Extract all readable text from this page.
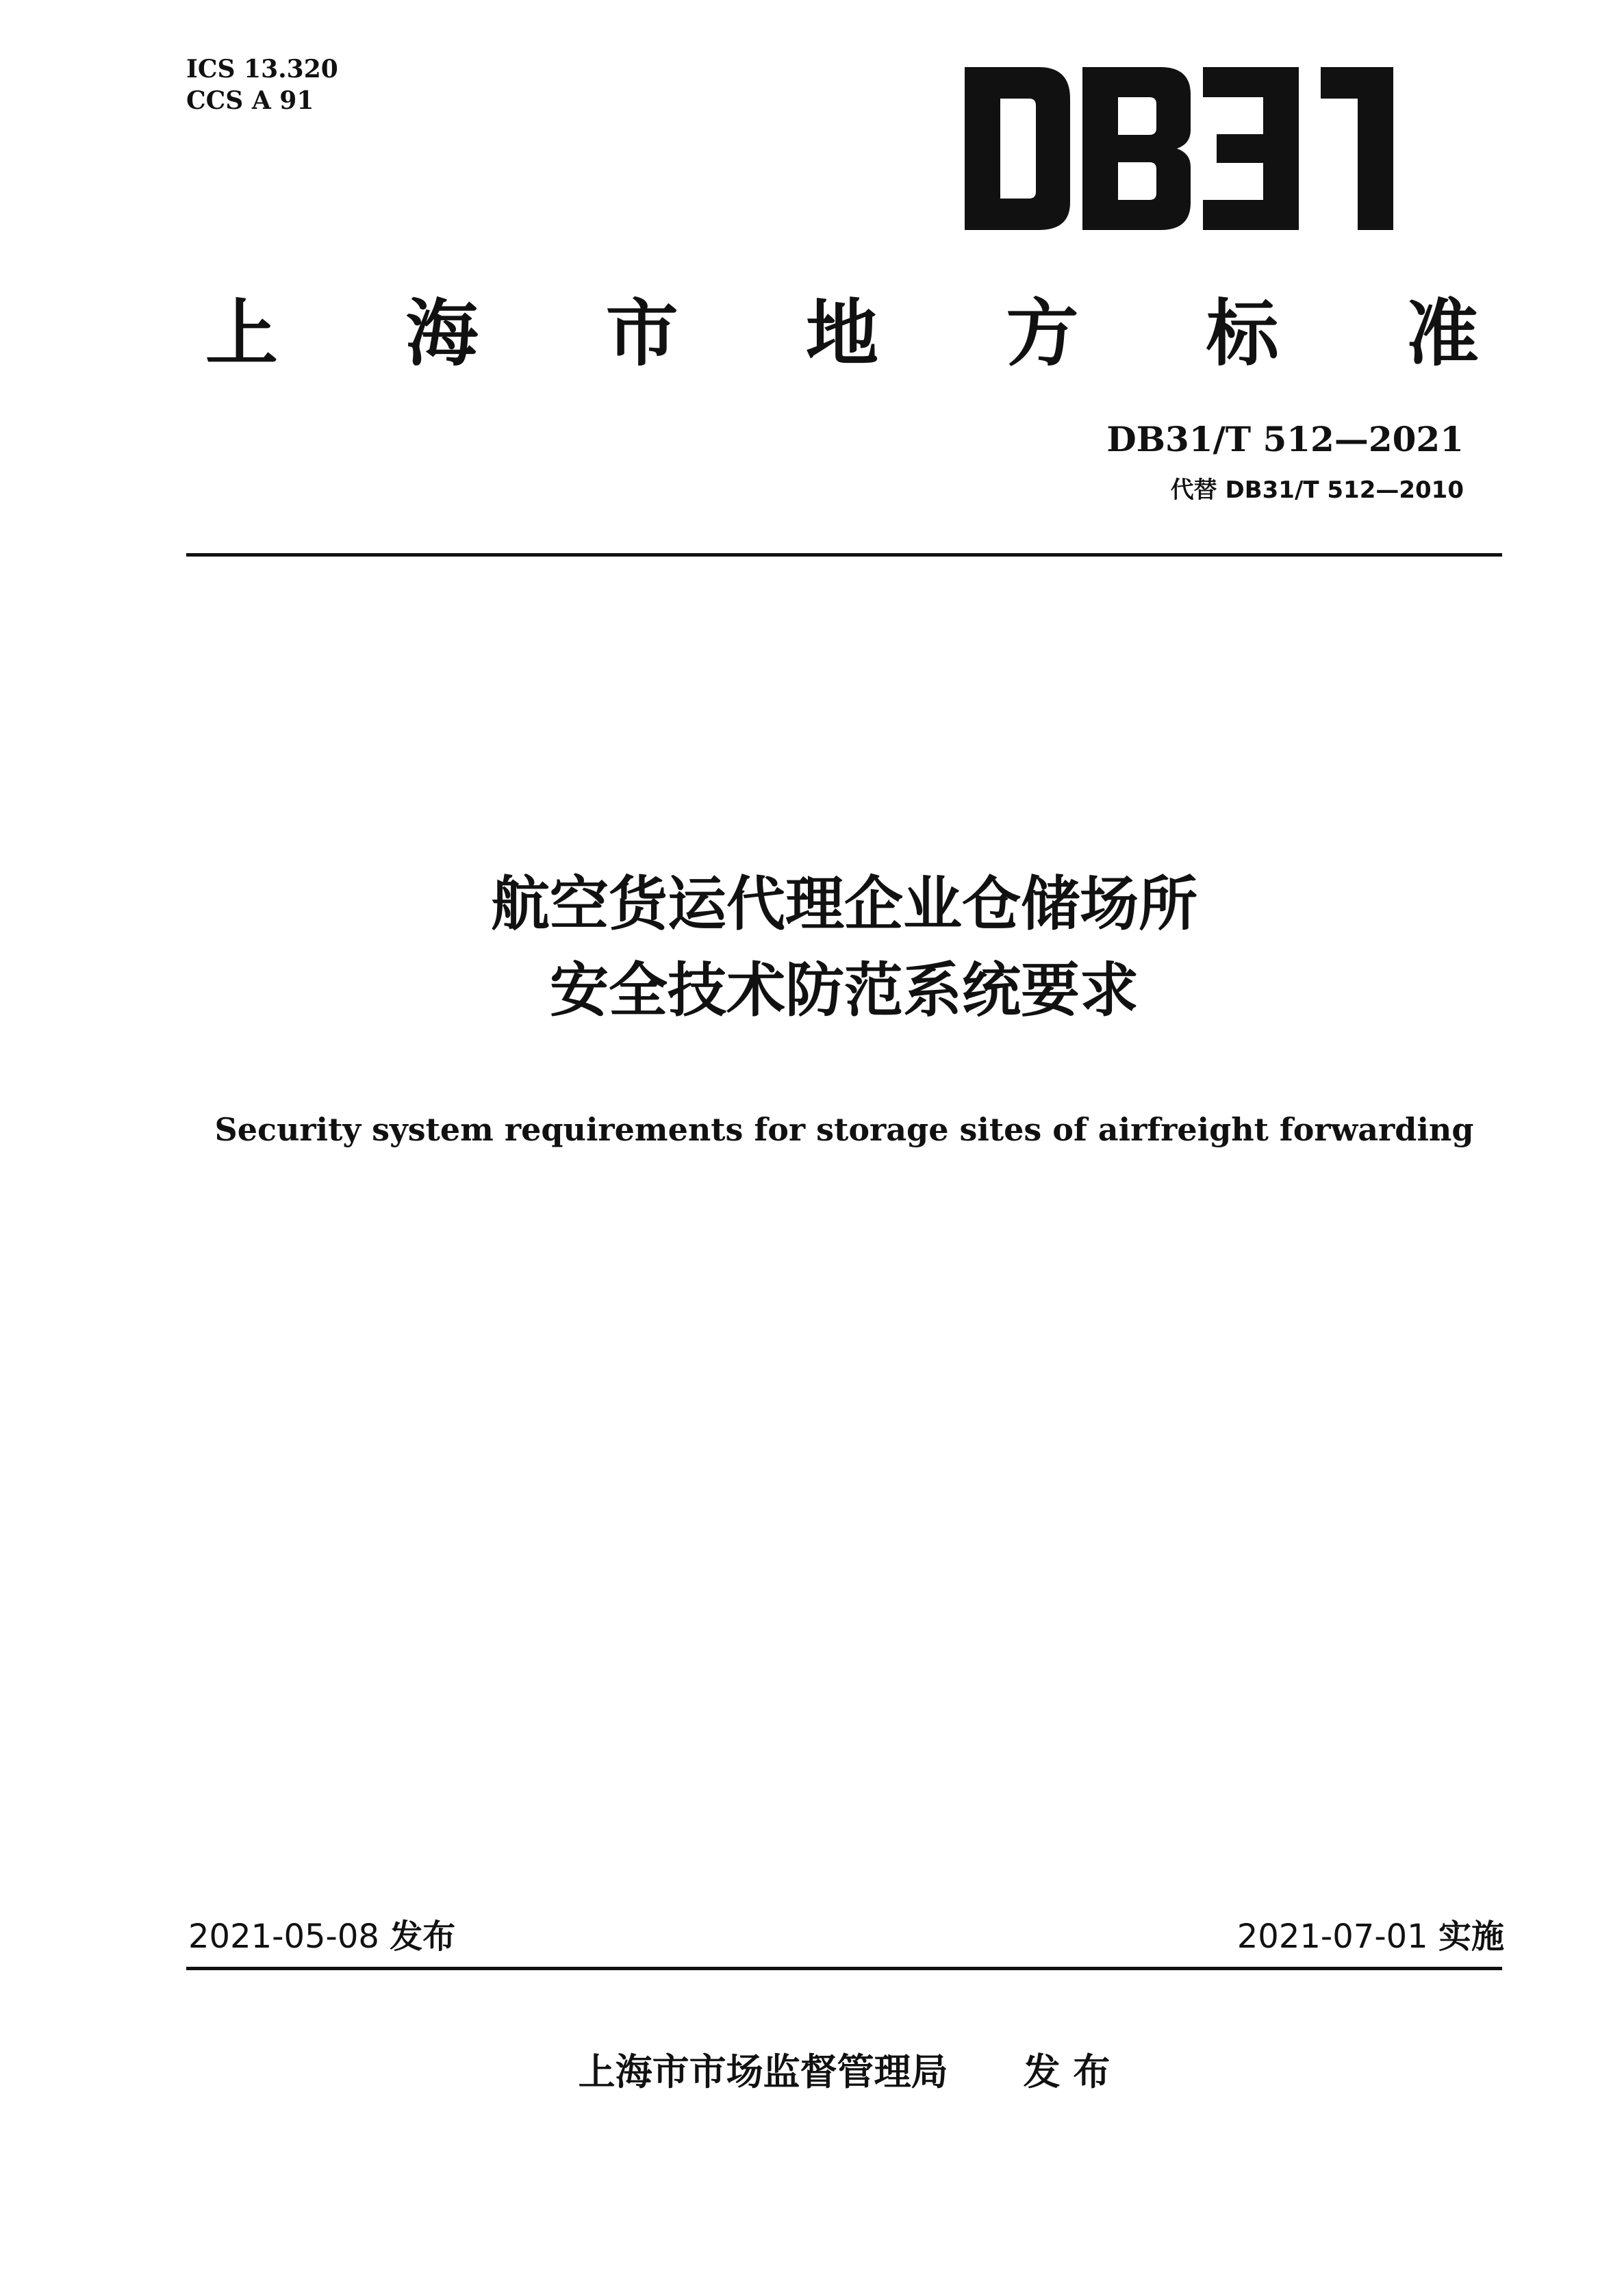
ICS 13.320
CCS A 91
上 海 市 地 方 标 准
DB31/T 512—2021
代替 DB31/T 512—2010
航空货运代理企业仓储场所
安全技术防范系统要求
Security system requirements for storage sites of airfreight forwarding
2021-05-08 发布	2021-07-01 实施
上海市市场监督管理局 发 布
